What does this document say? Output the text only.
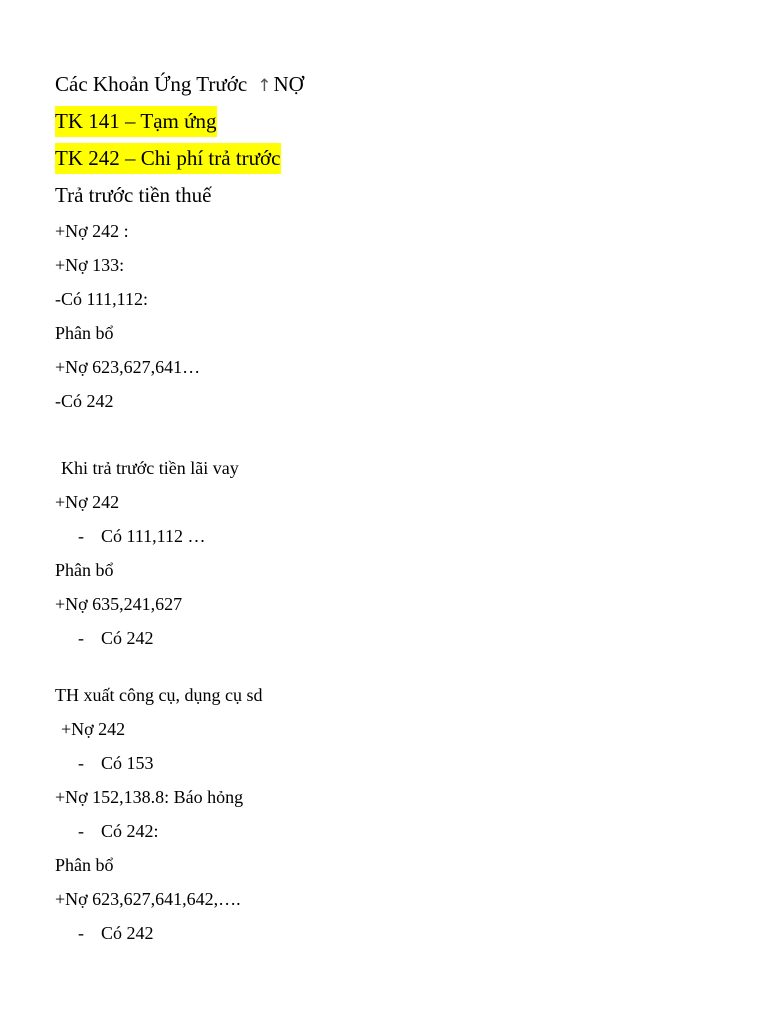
Các Khoản Ứng Trước ↑NỢ
TK 141 – Tạm ứng
TK 242 – Chi phí trả trước
Trả trước tiền thuế
+Nợ 242 :
+Nợ 133:
-Có 111,112:
Phân bổ
+Nợ 623,627,641…
-Có 242
Khi trả trước tiền lãi vay
+Nợ 242
- Có 111,112 …
Phân bổ
+Nợ 635,241,627
- Có 242
TH xuất công cụ, dụng cụ sd
+Nợ 242
- Có 153
+Nợ 152,138.8: Báo hỏng
- Có 242:
Phân bổ
+Nợ 623,627,641,642,….
- Có 242
